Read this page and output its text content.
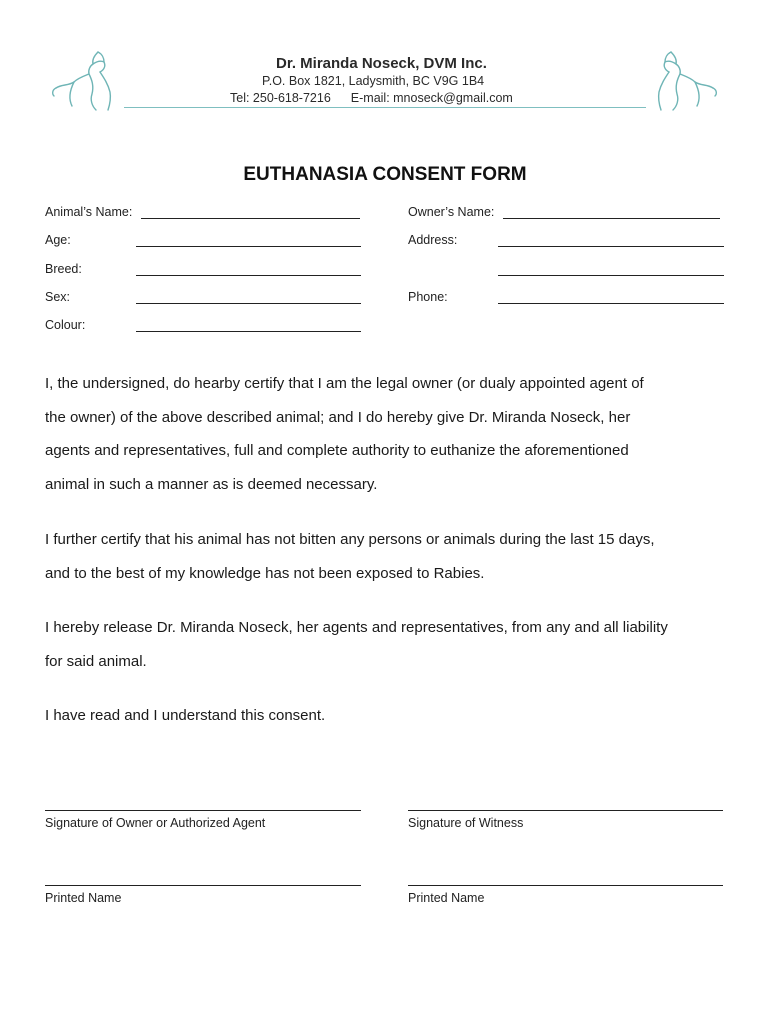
Dr. Miranda Noseck, DVM Inc.
P.O. Box 1821, Ladysmith, BC V9G 1B4
Tel: 250-618-7216 E-mail: mnoseck@gmail.com
EUTHANASIA CONSENT FORM
Animal’s Name:
Age:
Breed:
Sex:
Colour:
Owner’s Name:
Address:
Phone:
I, the undersigned, do hearby certify that I am the legal owner (or dualy appointed agent of
the owner) of the above described animal; and I do hereby give Dr. Miranda Noseck, her
agents and representatives, full and complete authority to euthanize the aforementioned
animal in such a manner as is deemed necessary.
I further certify that his animal has not bitten any persons or animals during the last 15 days,
and to the best of my knowledge has not been exposed to Rabies.
I hereby release Dr. Miranda Noseck, her agents and representatives, from any and all liability
for said animal.
I have read and I understand this consent.
Signature of Owner or Authorized Agent	Signature of Witness
Printed Name	Printed Name
